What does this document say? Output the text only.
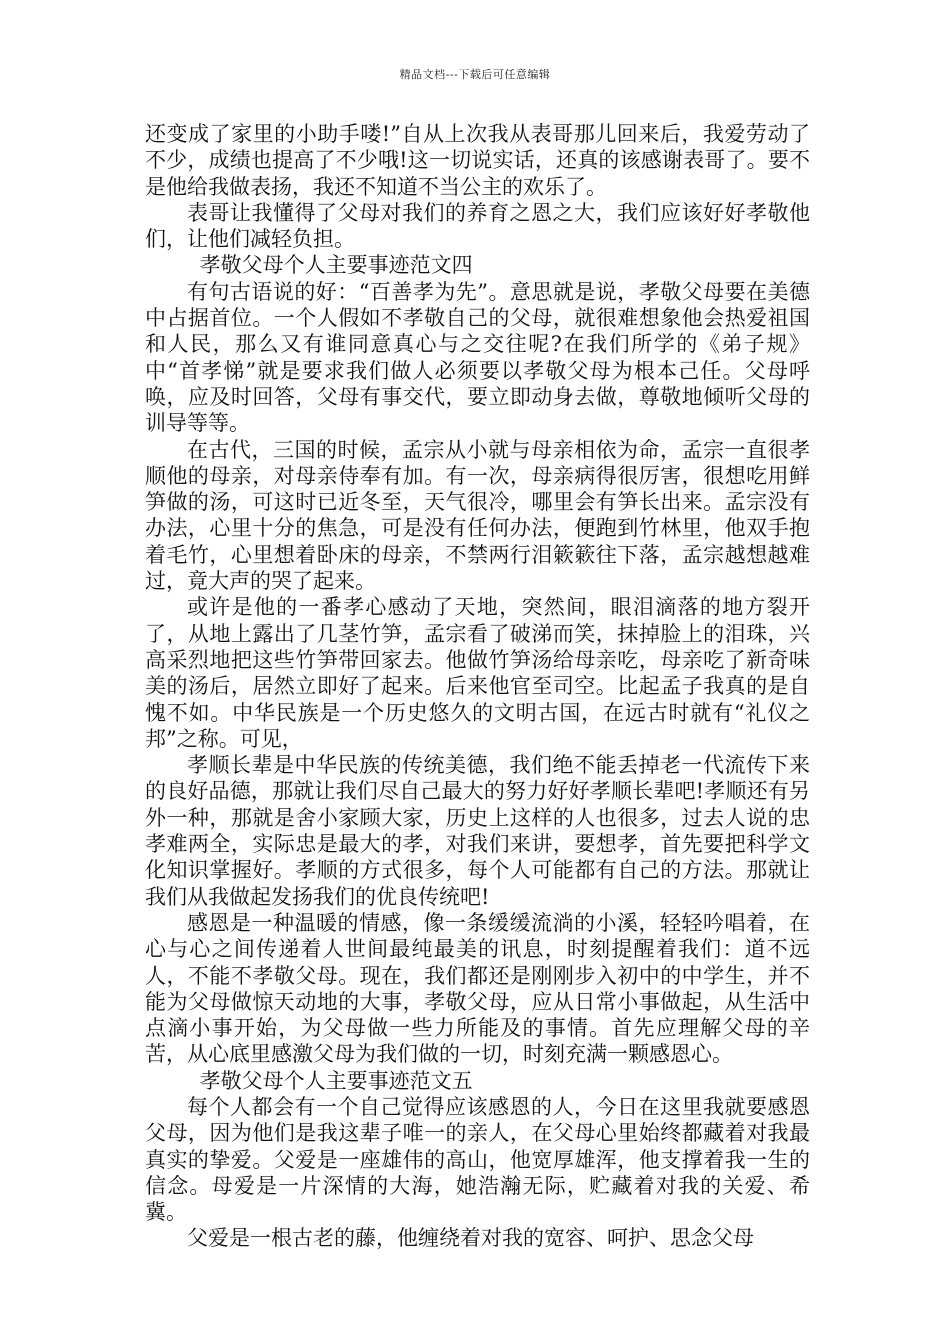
精品文档---下载后可任意编辑

还变成了家里的小助手喽!”自从上次我从表哥那儿回来后，我爱劳动了不少，成绩也提高了不少哦!这一切说实话，还真的该感谢表哥了。要不是他给我做表扬，我还不知道不当公主的欢乐了。

表哥让我懂得了父母对我们的养育之恩之大，我们应该好好孝敬他们，让他们减轻负担。

孝敬父母个人主要事迹范文四

有句古语说的好：“百善孝为先”。意思就是说，孝敬父母要在美德中占据首位。一个人假如不孝敬自己的父母，就很难想象他会热爱祖国和人民，那么又有谁同意真心与之交往呢?在我们所学的《弟子规》中“首孝悌”就是要求我们做人必须要以孝敬父母为根本己任。父母呼唤，应及时回答，父母有事交代，要立即动身去做，尊敬地倾听父母的训导等等。

在古代，三国的时候，孟宗从小就与母亲相依为命，孟宗一直很孝顺他的母亲，对母亲侍奉有加。有一次，母亲病得很厉害，很想吃用鲜笋做的汤，可这时已近冬至，天气很冷，哪里会有笋长出来。孟宗没有办法，心里十分的焦急，可是没有任何办法，便跑到竹林里，他双手抱着毛竹，心里想着卧床的母亲，不禁两行泪簌簌往下落，孟宗越想越难过，竟大声的哭了起来。

或许是他的一番孝心感动了天地，突然间，眼泪滴落的地方裂开了，从地上露出了几茎竹笋，孟宗看了破涕而笑，抹掉脸上的泪珠，兴高采烈地把这些竹笋带回家去。他做竹笋汤给母亲吃，母亲吃了新奇味美的汤后，居然立即好了起来。后来他官至司空。比起孟子我真的是自愧不如。中华民族是一个历史悠久的文明古国，在远古时就有“礼仪之邦”之称。可见，

孝顺长辈是中华民族的传统美德，我们绝不能丢掉老一代流传下来的良好品德，那就让我们尽自己最大的努力好好孝顺长辈吧!孝顺还有另外一种，那就是舍小家顾大家，历史上这样的人也很多，过去人说的忠孝难两全，实际忠是最大的孝，对我们来讲，要想孝，首先要把科学文化知识掌握好。孝顺的方式很多，每个人可能都有自己的方法。那就让我们从我做起发扬我们的优良传统吧!

感恩是一种温暖的情感，像一条缓缓流淌的小溪，轻轻吟唱着，在心与心之间传递着人世间最纯最美的讯息，时刻提醒着我们：道不远人，不能不孝敬父母。现在，我们都还是刚刚步入初中的中学生，并不能为父母做惊天动地的大事，孝敬父母，应从日常小事做起，从生活中点滴小事开始，为父母做一些力所能及的事情。首先应理解父母的辛苦，从心底里感激父母为我们做的一切，时刻充满一颗感恩心。

孝敬父母个人主要事迹范文五

每个人都会有一个自己觉得应该感恩的人，今日在这里我就要感恩父母，因为他们是我这辈子唯一的亲人，在父母心里始终都藏着对我最真实的挚爱。父爱是一座雄伟的高山，他宽厚雄浑，他支撑着我一生的信念。母爱是一片深情的大海，她浩瀚无际，贮藏着对我的关爱、希冀。

父爱是一根古老的藤，他缠绕着对我的宽容、呵护、思念父母
